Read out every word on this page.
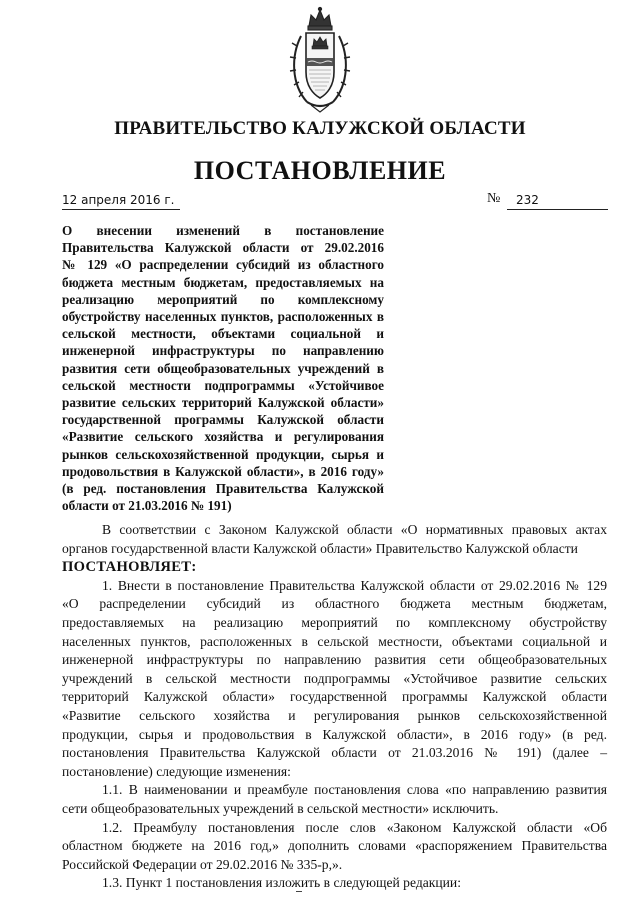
ПРАВИТЕЛЬСТВО КАЛУЖСКОЙ ОБЛАСТИ
ПОСТАНОВЛЕНИЕ
12 апреля 2016 г.	№ 232
О внесении изменений в постановление
Правительства Калужской области от 29.02.2016
№ 129 «О распределении субсидий из областного
бюджета местным бюджетам, предоставляемых на
реализацию мероприятий по комплексному
обустройству населенных пунктов, расположенных в
сельской местности, объектами социальной и
инженерной инфраструктуры по направлению
развития сети общеобразовательных учреждений в
сельской местности подпрограммы «Устойчивое
развитие сельских территорий Калужской области»
государственной программы Калужской области
«Развитие сельского хозяйства и регулирования
рынков сельскохозяйственной продукции, сырья и
продовольствия в Калужской области», в 2016 году»
(в ред. постановления Правительства Калужской
области от 21.03.2016 № 191)
В соответствии с Законом Калужской области «О нормативных правовых актах
органов государственной власти Калужской области» Правительство Калужской области
ПОСТАНОВЛЯЕТ:
1. Внести в постановление Правительства Калужской области от 29.02.2016 № 129
«О распределении субсидий из областного бюджета местным бюджетам,
предоставляемых на реализацию мероприятий по комплексному обустройству
населенных пунктов, расположенных в сельской местности, объектами социальной и
инженерной инфраструктуры по направлению развития сети общеобразовательных
учреждений в сельской местности подпрограммы «Устойчивое развитие сельских
территорий Калужской области» государственной программы Калужской области
«Развитие сельского хозяйства и регулирования рынков сельскохозяйственной
продукции, сырья и продовольствия в Калужской области», в 2016 году» (в ред.
постановления Правительства Калужской области от 21.03.2016 № 191) (далее –
постановление) следующие изменения:
1.1. В наименовании и преамбуле постановления слова «по направлению развития
сети общеобразовательных учреждений в сельской местности» исключить.
1.2. Преамбулу постановления после слов «Законом Калужской области «Об
областном бюджете на 2016 год,» дополнить словами «распоряжением Правительства
Российской Федерации от 29.02.2016 № 335-р,».
1.3. Пункт 1 постановления изложить в следующей редакции:
